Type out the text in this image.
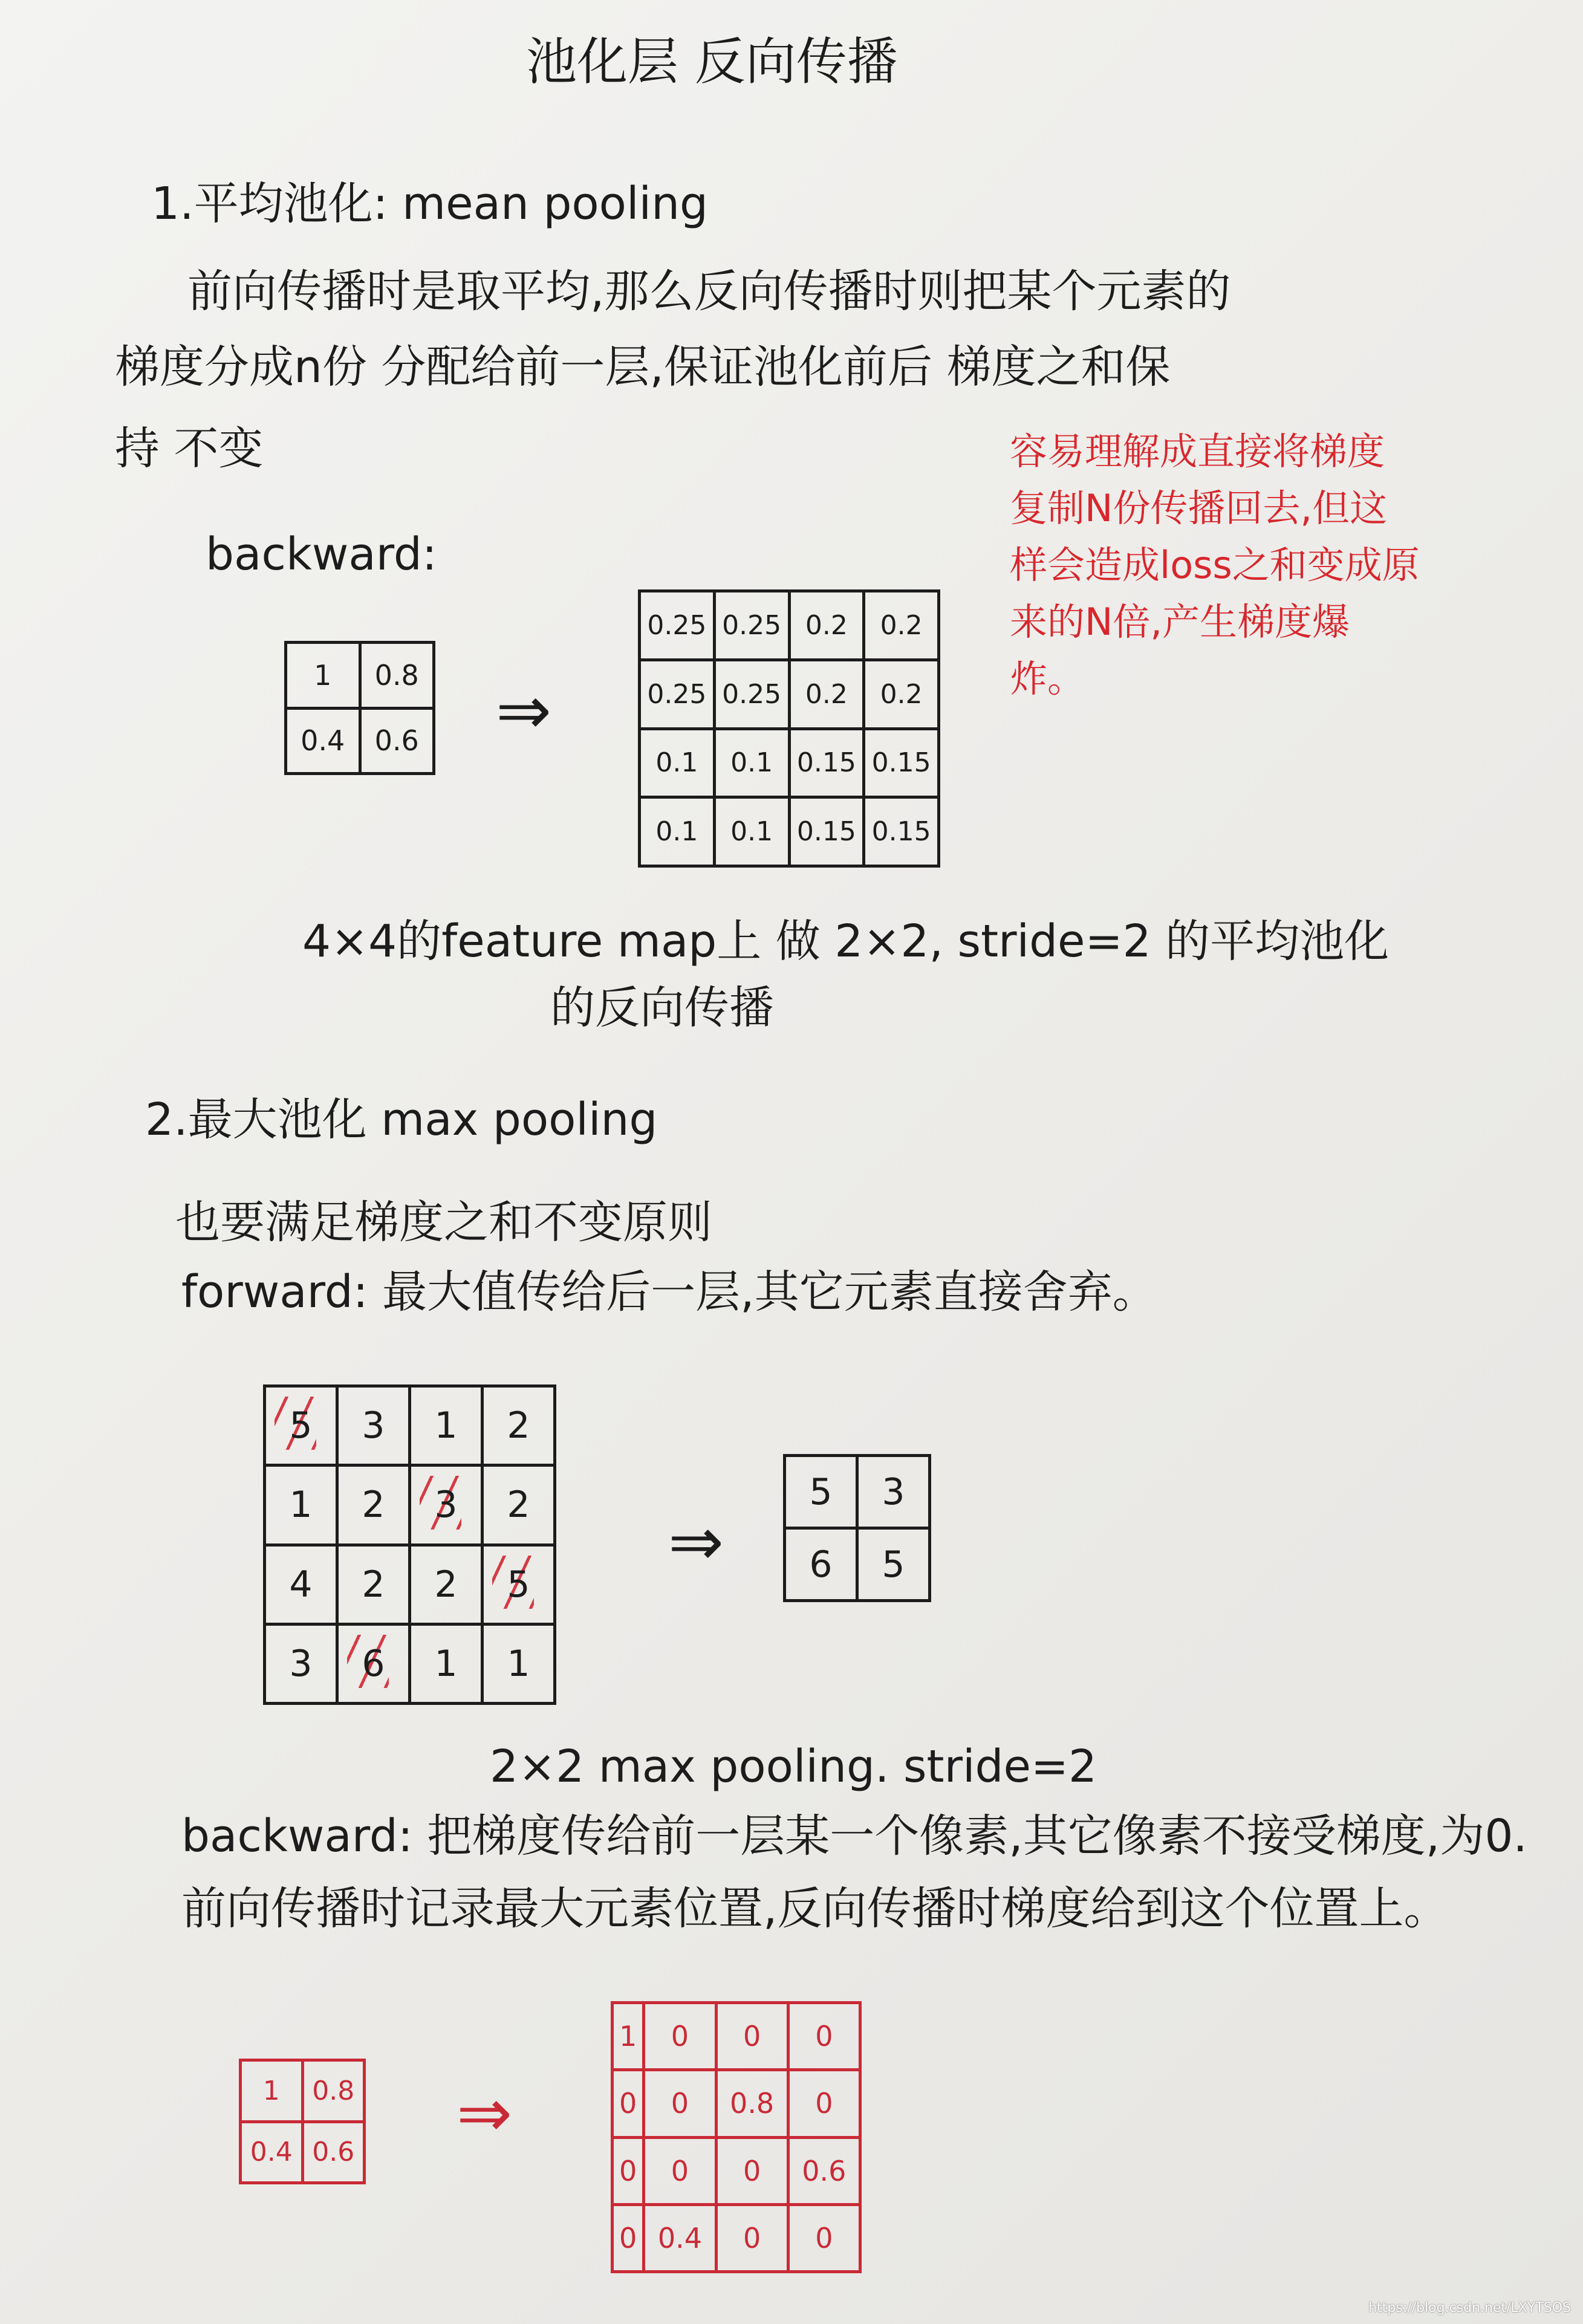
池化层 反向传播
1.平均池化: mean pooling
前向传播时是取平均,那么反向传播时则把某个元素的
梯度分成n份 分配给前一层,保证池化前后 梯度之和保
持 不变
backward:
容易理解成直接将梯度复制N份传播回去,但这样会造成loss之和变成原来的N倍,产生梯度爆炸。
1	0.8
0.4	0.6 ⇒
0.25	0.25	0.2	0.2
0.25	0.25	0.2	0.2
0.1	0.1	0.15	0.15
0.1	0.1	0.15	0.15
4×4的feature map上 做 2×2, stride=2 的平均池化
的反向传播
2.最大池化 max pooling
也要满足梯度之和不变原则
forward: 最大值传给后一层,其它元素直接舍弃。
5	3	1	2
1	2	3	2
4	2	2	5
3	6	1	1
⇒
5	3
6	5
2×2 max pooling. stride=2
backward: 把梯度传给前一层某一个像素,其它像素不接受梯度,为0.
前向传播时记录最大元素位置,反向传播时梯度给到这个位置上。
1	0.8
0.4	0.6
⇒
1	0	0	0
0	0	0.8	0
0	0	0	0.6
0	0.4	0	0
https://blog.csdn.net/LXYTSOS
